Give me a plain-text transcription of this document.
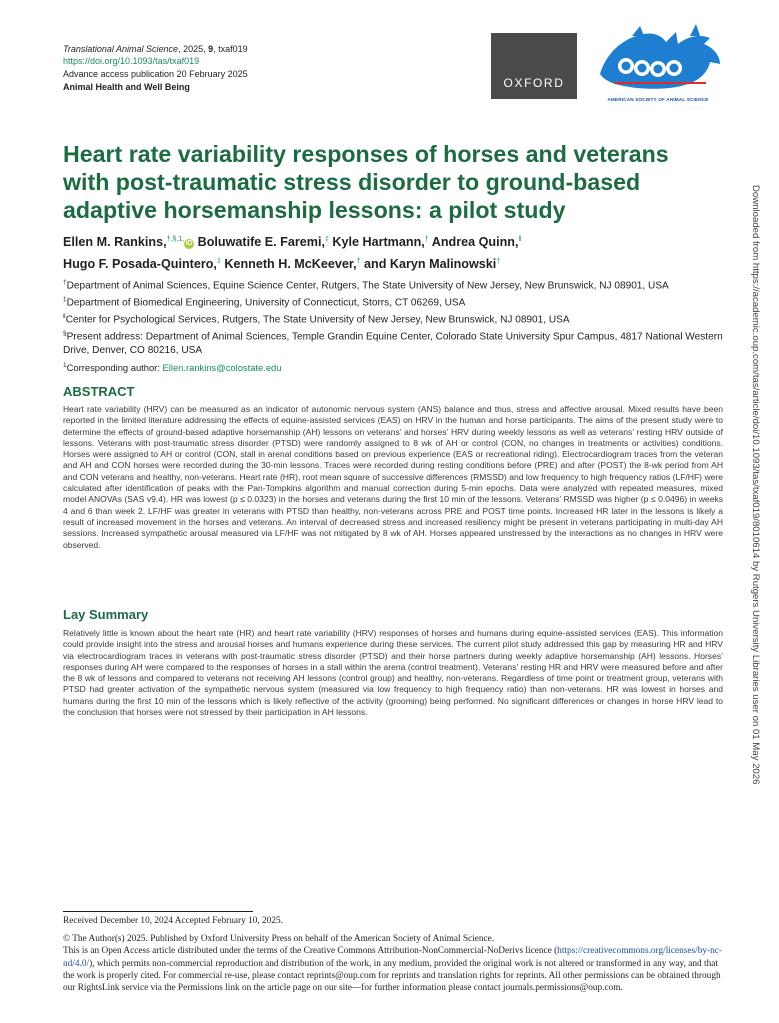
Translational Animal Science, 2025, 9, txaf019
https://doi.org/10.1093/tas/txaf019
Advance access publication 20 February 2025
Animal Health and Well Being	OXFORD
AMERICAN SOCIETY OF ANIMAL SCIENCE
Heart rate variability responses of horses and veterans with post-traumatic stress disorder to ground-based adaptive horsemanship lessons: a pilot study
Ellen M. Rankins,$^{\dagger,\S,1,}$iD Boluwatife E. Faremi,‡ Kyle Hartmann,† Andrea Quinn,‖
Hugo F. Posada-Quintero,‡ Kenneth H. McKeever,† and Karyn Malinowski†

†Department of Animal Sciences, Equine Science Center, Rutgers, The State University of New Jersey, New Brunswick, NJ 08901, USA

‡Department of Biomedical Engineering, University of Connecticut, Storrs, CT 06269, USA

‖Center for Psychological Services, Rutgers, The State University of New Jersey, New Brunswick, NJ 08901, USA

§Present address: Department of Animal Sciences, Temple Grandin Equine Center, Colorado State University Spur Campus, 4817 National Western Drive, Denver, CO 80216, USA

$^1$Corresponding author: Ellen.rankins@colostate.edu

ABSTRACT

Heart rate variability (HRV) can be measured as an indicator of autonomic nervous system (ANS) balance and thus, stress and affective arousal. Mixed results have been reported in the limited literature addressing the effects of equine-assisted services (EAS) on HRV in the human and horse participants. The aims of the present study were to determine the effects of ground-based adaptive horsemanship (AH) lessons on veterans’ and horses’ HRV during weekly lessons as well as veterans’ resting HRV outside of lessons. Veterans with post-traumatic stress disorder (PTSD) were randomly assigned to 8 wk of AH or control (CON, no changes in treatments or activities) conditions. Horses were assigned to AH or control (CON, stall in arenal conditions based on previous experience (EAS or recreational riding). Electrocardiogram traces from the veteran and AH and CON horses were recorded during the 30-min lessons. Traces were recorded during resting conditions before (PRE) and after (POST) the 8-wk period from AH and CON veterans and healthy, non-veterans. Heart rate (HR), root mean square of successive differences (RMSSD) and low frequency to high frequency ratios (LF/HF) were calculated after identification of peaks with the Pan-Tompkins algorithm and manual correction during 5-min epochs. Data were analyzed with repeated measures, mixed model ANOVAs (SAS v9.4). HR was lowest (p ≤ 0.0323) in the horses and veterans during the first 10 min of the lessons. Veterans’ RMSSD was higher (p ≤ 0.0496) in weeks 4 and 6 than week 2. LF/HF was greater in veterans with PTSD than healthy, non-veterans across PRE and POST time points. Increased HR later in the lessons is likely a result of increased movement in the horses and veterans. An interval of decreased stress and increased resiliency might be present in veterans participating in multi-day AH sessions. Increased sympathetic arousal measured via LF/HF was not mitigated by 8 wk of AH. Horses appeared unstressed by the interactions as no changes in HRV were observed.

Lay Summary

Relatively little is known about the heart rate (HR) and heart rate variability (HRV) responses of horses and humans during equine-assisted services (EAS). This information could provide insight into the stress and arousal horses and humans experience during these services. The current pilot study addressed this gap by measuring HR and HRV via electrocardiogram traces in veterans with post-traumatic stress disorder (PTSD) and their horse partners during weekly adaptive horsemanship (AH) lessons. Horses’ responses during AH were compared to the responses of horses in a stall within the arena (control treatment). Veterans’ resting HR and HRV were measured before and after the 8 wk of lessons and compared to veterans not receiving AH lessons (control group) and healthy, non-veterans. Regardless of time point or treatment group, veterans with PTSD had greater activation of the sympathetic nervous system (measured via low frequency to high frequency ratio) than non-veterans. HR was lowest in horses and humans during the first 10 min of the lessons which is likely reflective of the activity (grooming) being performed. No significant differences or changes in horse HRV lead to the conclusion that horses were not stressed by their participation in AH lessons.

Received December 10, 2024 Accepted February 10, 2025.

© The Author(s) 2025. Published by Oxford University Press on behalf of the American Society of Animal Science.

This is an Open Access article distributed under the terms of the Creative Commons Attribution-NonCommercial-NoDerivs licence (https://creativecommons.org/licenses/by-nc-nd/4.0/), which permits non-commercial reproduction and distribution of the work, in any medium, provided the original work is not altered or transformed in any way, and that the work is properly cited. For commercial re-use, please contact reprints@oup.com for reprints and translation rights for reprints. All other permissions can be obtained through our RightsLink service via the Permissions link on the article page on our site—for further information please contact journals.permissions@oup.com.

Downloaded from https://academic.oup.com/tas/article/doi/10.1093/tas/txaf019/8010614 by Rutgers University Libraries user on 01 May 2026
